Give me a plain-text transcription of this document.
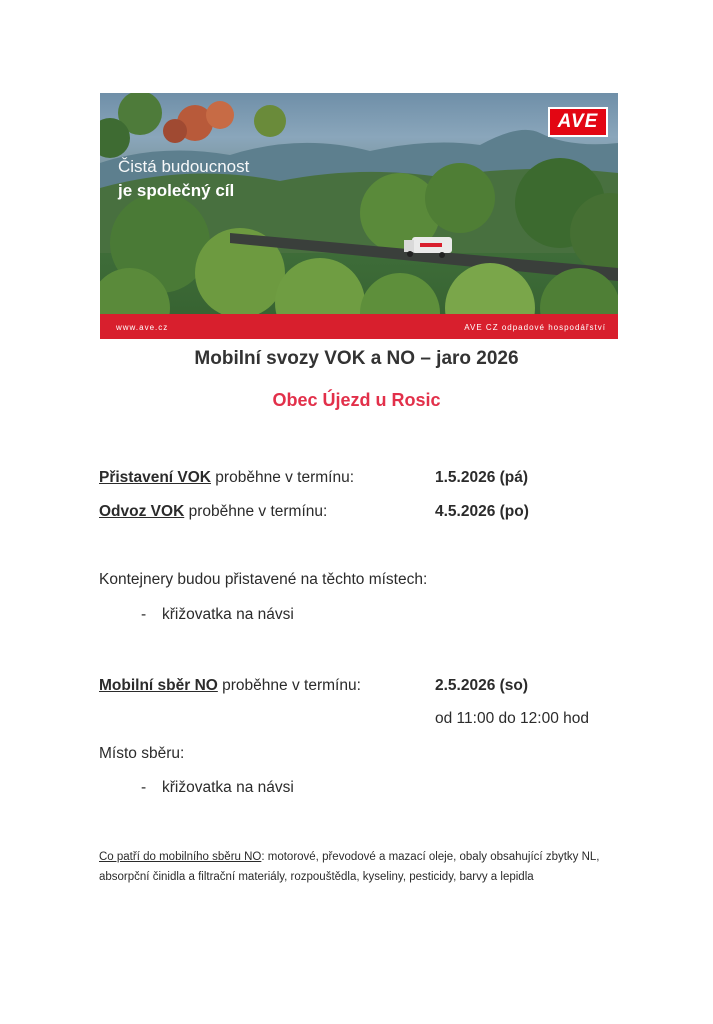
AVE
Čistá budoucnost
je společný cíl
www.ave.cz	AVE CZ odpadové hospodářství
Mobilní svozy VOK a NO – jaro 2026
Obec Újezd u Rosic
Přistavení VOK proběhne v termínu:	1.5.2026 (pá)
Odvoz VOK proběhne v termínu:	4.5.2026 (po)
Kontejnery budou přistavené na těchto místech:
- křižovatka na návsi
Mobilní sběr NO proběhne v termínu:	2.5.2026 (so)
od 11:00 do 12:00 hod
Místo sběru:
- křižovatka na návsi
Co patří do mobilního sběru NO: motorové, převodové a mazací oleje, obaly obsahující zbytky NL, absorpční činidla a filtrační materiály, rozpouštědla, kyseliny, pesticidy, barvy a lepidla
